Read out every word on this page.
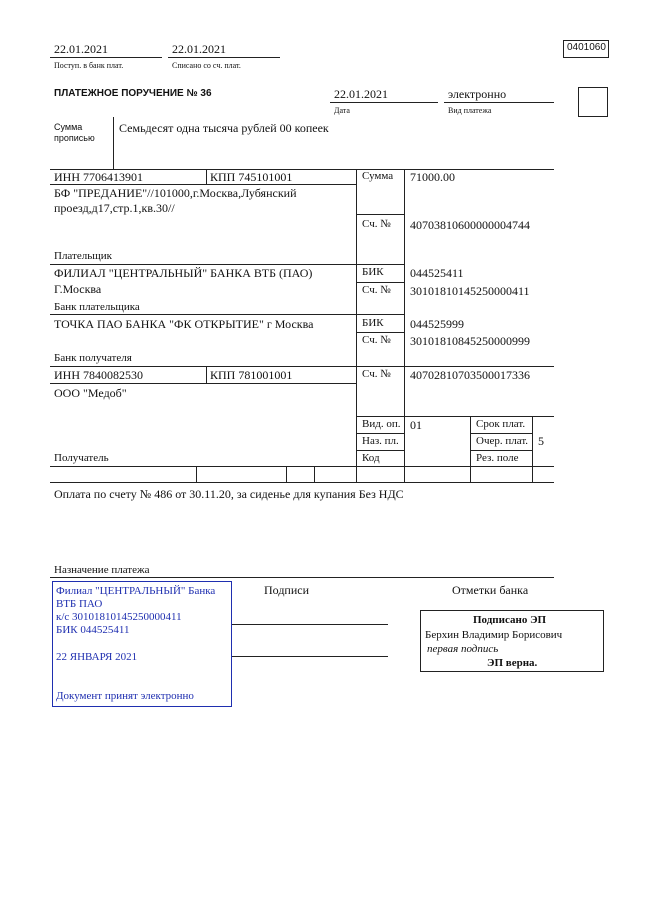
22.01.2021
Поступ. в банк плат.
22.01.2021
Списано со сч. плат.
0401060
ПЛАТЕЖНОЕ ПОРУЧЕНИЕ № 36	22.01.2021
Дата
электронно
Вид платежа
Сумма
прописью
Семьдесят одна тысяча рублей 00 копеек
ИНН 7706413901	КПП 745101001
БФ "ПРЕДАНИЕ"//101000,г.Москва,Лубянский
проезд,д17,стр.1,кв.30//
Плательщик
ФИЛИАЛ "ЦЕНТРАЛЬНЫЙ" БАНКА ВТБ (ПАО)
Г.Москва
Банк плательщика
ТОЧКА ПАО БАНКА "ФК ОТКРЫТИЕ" г Москва
Банк получателя
ИНН 7840082530	КПП 781001001
ООО "Медоб"
Получатель
Сумма 71000.00
Сч. № 40703810600000004744
БИК 044525411
Сч. № 30101810145250000411
БИК 044525999
Сч. № 30101810845250000999
Сч. № 40702810703500017336
Вид. оп. 01
Наз. пл.
Код
Срок плат.
Очер. плат. 5
Рез. поле
Оплата по счету № 486 от 30.11.20, за сиденье для купания Без НДС
Назначение платежа
Подписи	Отметки банка
Филиал "ЦЕНТРАЛЬНЫЙ" Банка
ВТБ ПАО
к/с 30101810145250000411
БИК 044525411
22 ЯНВАРЯ 2021
Документ принят электронно
Подписано ЭП
Берхин Владимир Борисович
первая подпись
ЭП верна.
